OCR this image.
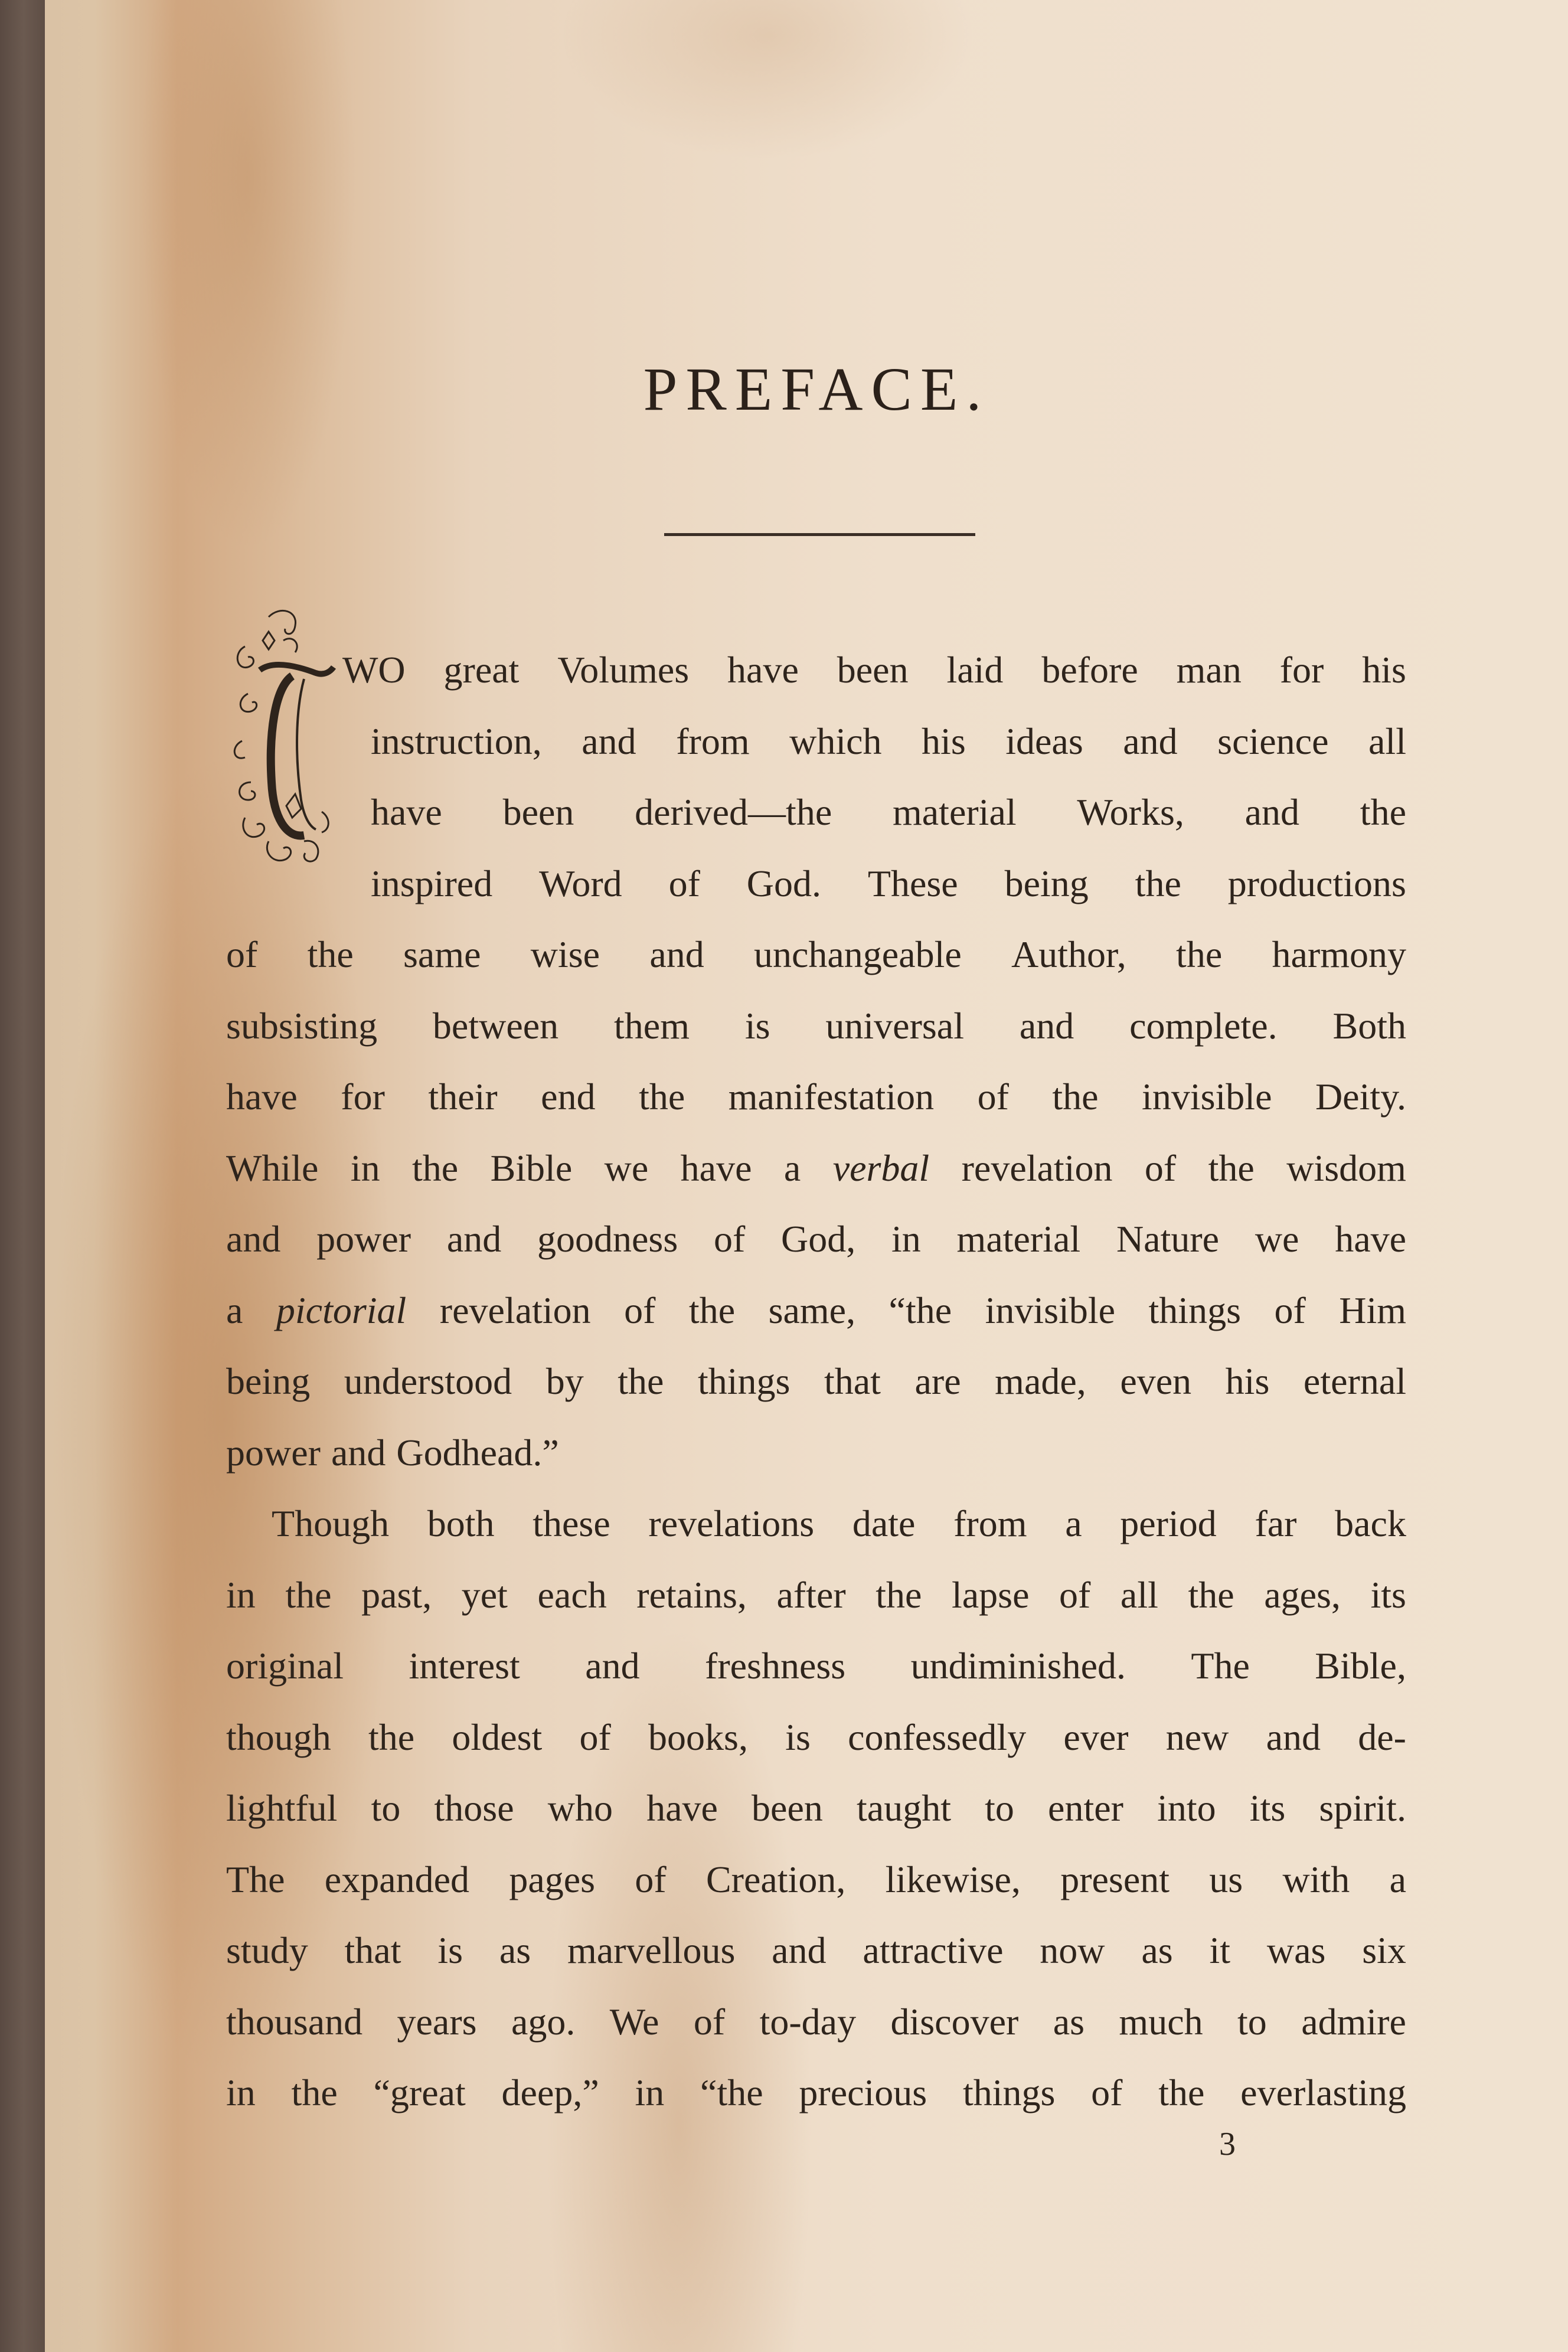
PREFACE.
WO great Volumes have been laid before man for his
instruction, and from which his ideas and science all
have been derived—the material Works, and the
inspired Word of God. These being the productions
of the same wise and unchangeable Author, the harmony
subsisting between them is universal and complete. Both
have for their end the manifestation of the invisible Deity.
While in the Bible we have a verbal revelation of the wisdom
and power and goodness of God, in material Nature we have
a pictorial revelation of the same, “the invisible things of Him
being understood by the things that are made, even his eternal
power and Godhead.”
Though both these revelations date from a period far back
in the past, yet each retains, after the lapse of all the ages, its
original interest and freshness undiminished. The Bible,
though the oldest of books, is confessedly ever new and de-
lightful to those who have been taught to enter into its spirit.
The expanded pages of Creation, likewise, present us with a
study that is as marvellous and attractive now as it was six
thousand years ago. We of to-day discover as much to admire
in the “great deep,” in “the precious things of the everlasting
3
